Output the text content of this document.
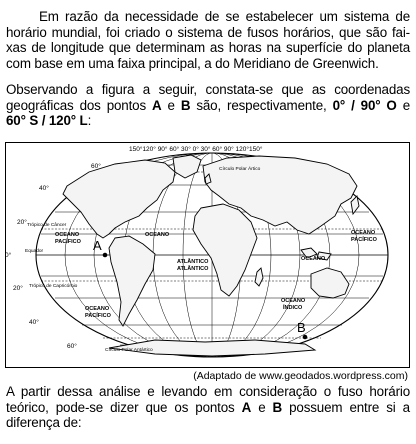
Em razão da necessidade de se estabelecer um sistema de
horário mundial, foi criado o sistema de fusos horários, que são fai-
xas de longitude que determinam as horas na superfície do planeta
com base em uma faixa principal, a do Meridiano de Greenwich.

Observando a figura a seguir, constata-se que as coordenadas
geográficas dos pontos A e B são, respectivamente, 0° / 90° O e
60° S / 120° L:

150°120° 90° 60° 30° 0° 30° 60° 90° 120°150°
60°
40°
20°
0°
20°
40°
60°
Círculo Polar Ártico
Trópico de Câncer
Equador
Trópico de Capricórnio
Círculo Polar Antártico
OCEANO
PACÍFICO
OCEANO
ATLÂNTICO
OCEANO
ÍNDICO
OCEANO
PACÍFICO
OCEANO
PACÍFICO
OCEANO
ATLÂNTICO
A
B
(Adaptado de www.geodados.wordpress.com)

A partir dessa análise e levando em consideração o fuso horário
teórico, pode-se dizer que os pontos A e B possuem entre si a
diferença de:
